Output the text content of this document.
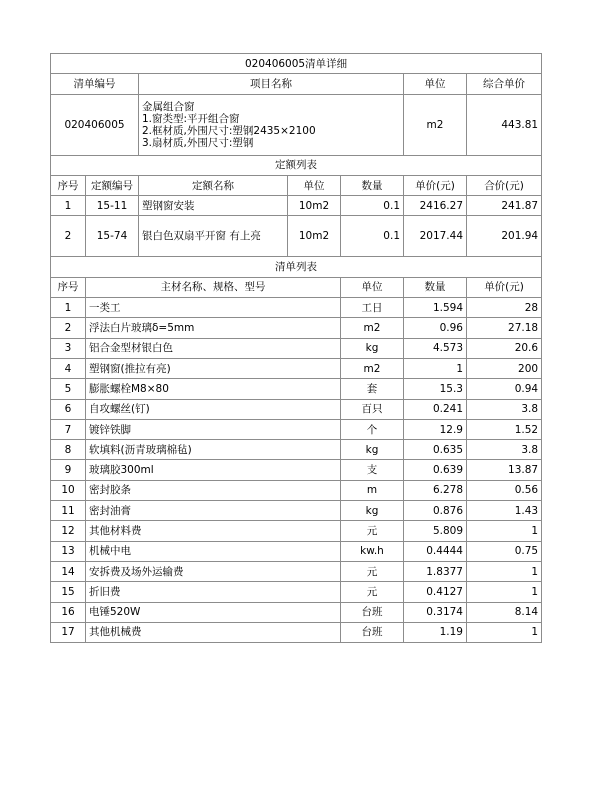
020406005清单详细							
清单编号		项目名称			单位	综合单价	
020406005		金属组合窗
1.窗类型:平开组合窗
2.框材质,外围尺寸:塑钢2435×2100
3.扇材质,外围尺寸:塑钢			m2	443.81	
定额列表							
序号	定额编号	定额名称	单位	数量	单价(元)	合价(元)	
1	15-11	塑钢窗安装	10m2	0.1	2416.27	241.87	
2	15-74	银白色双扇平开窗 有上亮	10m2	0.1	2017.44	201.94	
清单列表							
序号	主材名称、规格、型号			单位	数量	单价(元)	
1	一类工			工日	1.594	28	
2	浮法白片玻璃δ=5mm			m2	0.96	27.18	
3	铝合金型材银白色			kg	4.573	20.6	
4	塑钢窗(推拉有亮)			m2	1	200	
5	膨胀螺栓M8×80			套	15.3	0.94	
6	自攻螺丝(钉)			百只	0.241	3.8	
7	镀锌铁脚			个	12.9	1.52	
8	软填料(沥青玻璃棉毡)			kg	0.635	3.8	
9	玻璃胶300ml			支	0.639	13.87	
10	密封胶条			m	6.278	0.56	
11	密封油膏			kg	0.876	1.43	
12	其他材料费			元	5.809	1	
13	机械中电			kw.h	0.4444	0.75	
14	安拆费及场外运输费			元	1.8377	1	
15	折旧费			元	0.4127	1	
16	电锤520W			台班	0.3174	8.14	
17	其他机械费			台班	1.19	1	
